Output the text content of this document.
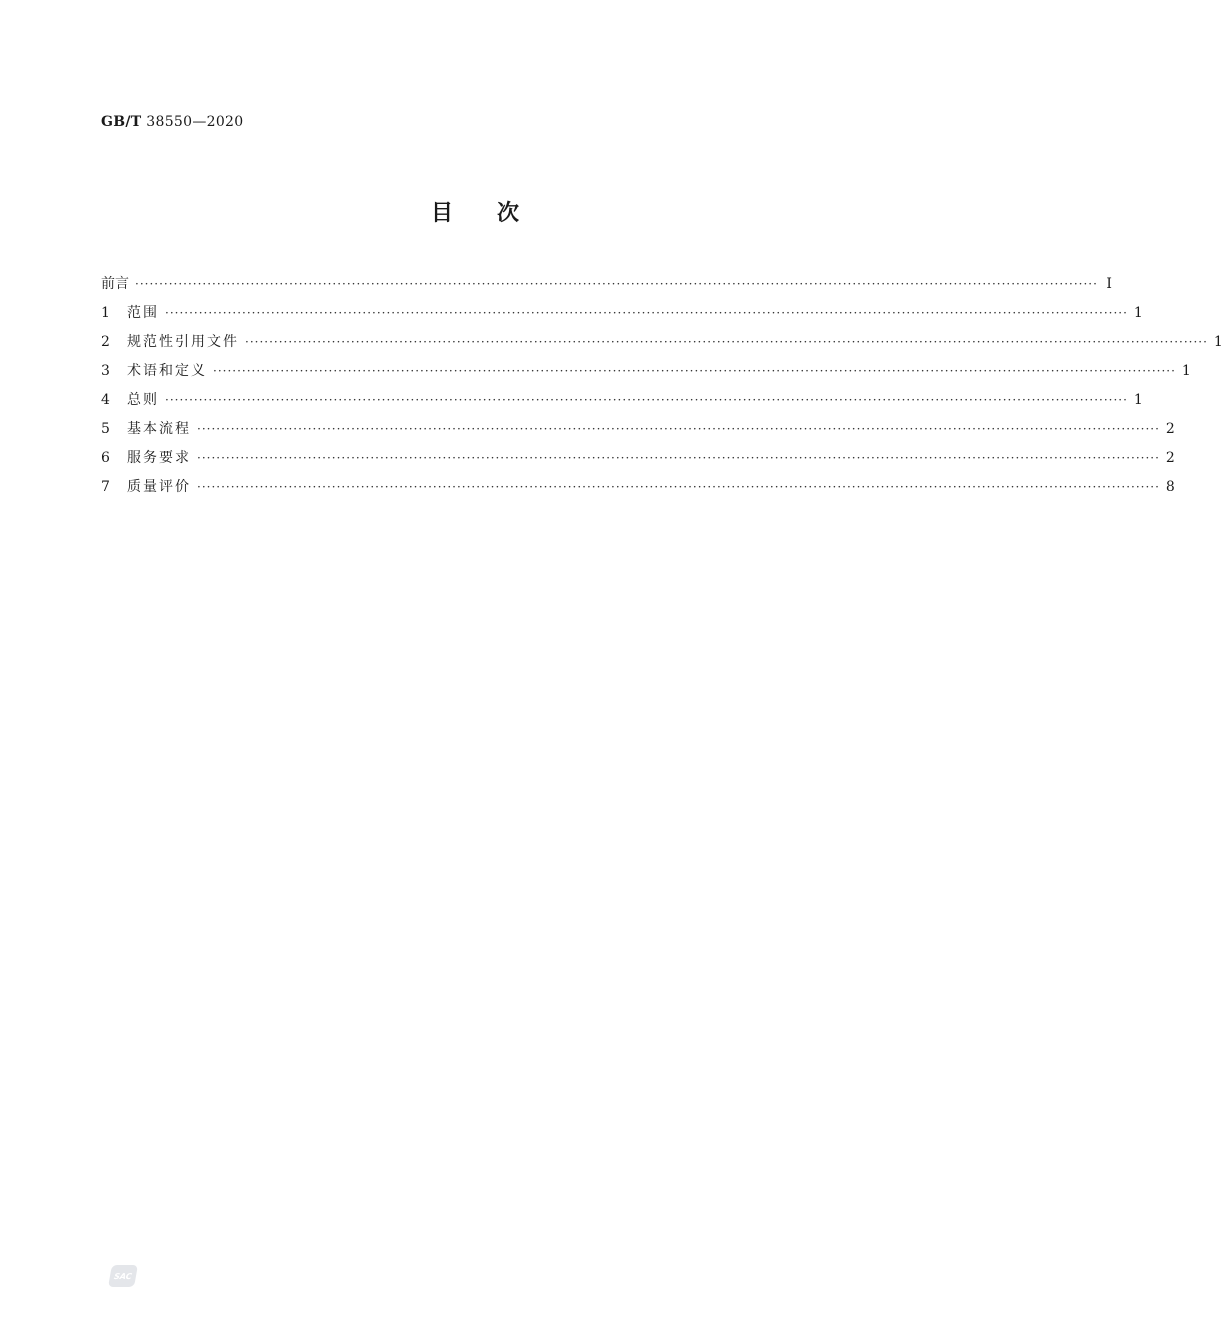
GB/T 38550—2020
目 次
前言 ········································································································································································································ Ⅰ
1	范围 ········································································································································································································ 1
2	规范性引用文件 ········································································································································································································ 1
3	术语和定义 ········································································································································································································ 1
4	总则 ········································································································································································································ 1
5	基本流程 ········································································································································································································ 2
6	服务要求 ········································································································································································································ 2
7	质量评价 ········································································································································································································ 8
SAC
